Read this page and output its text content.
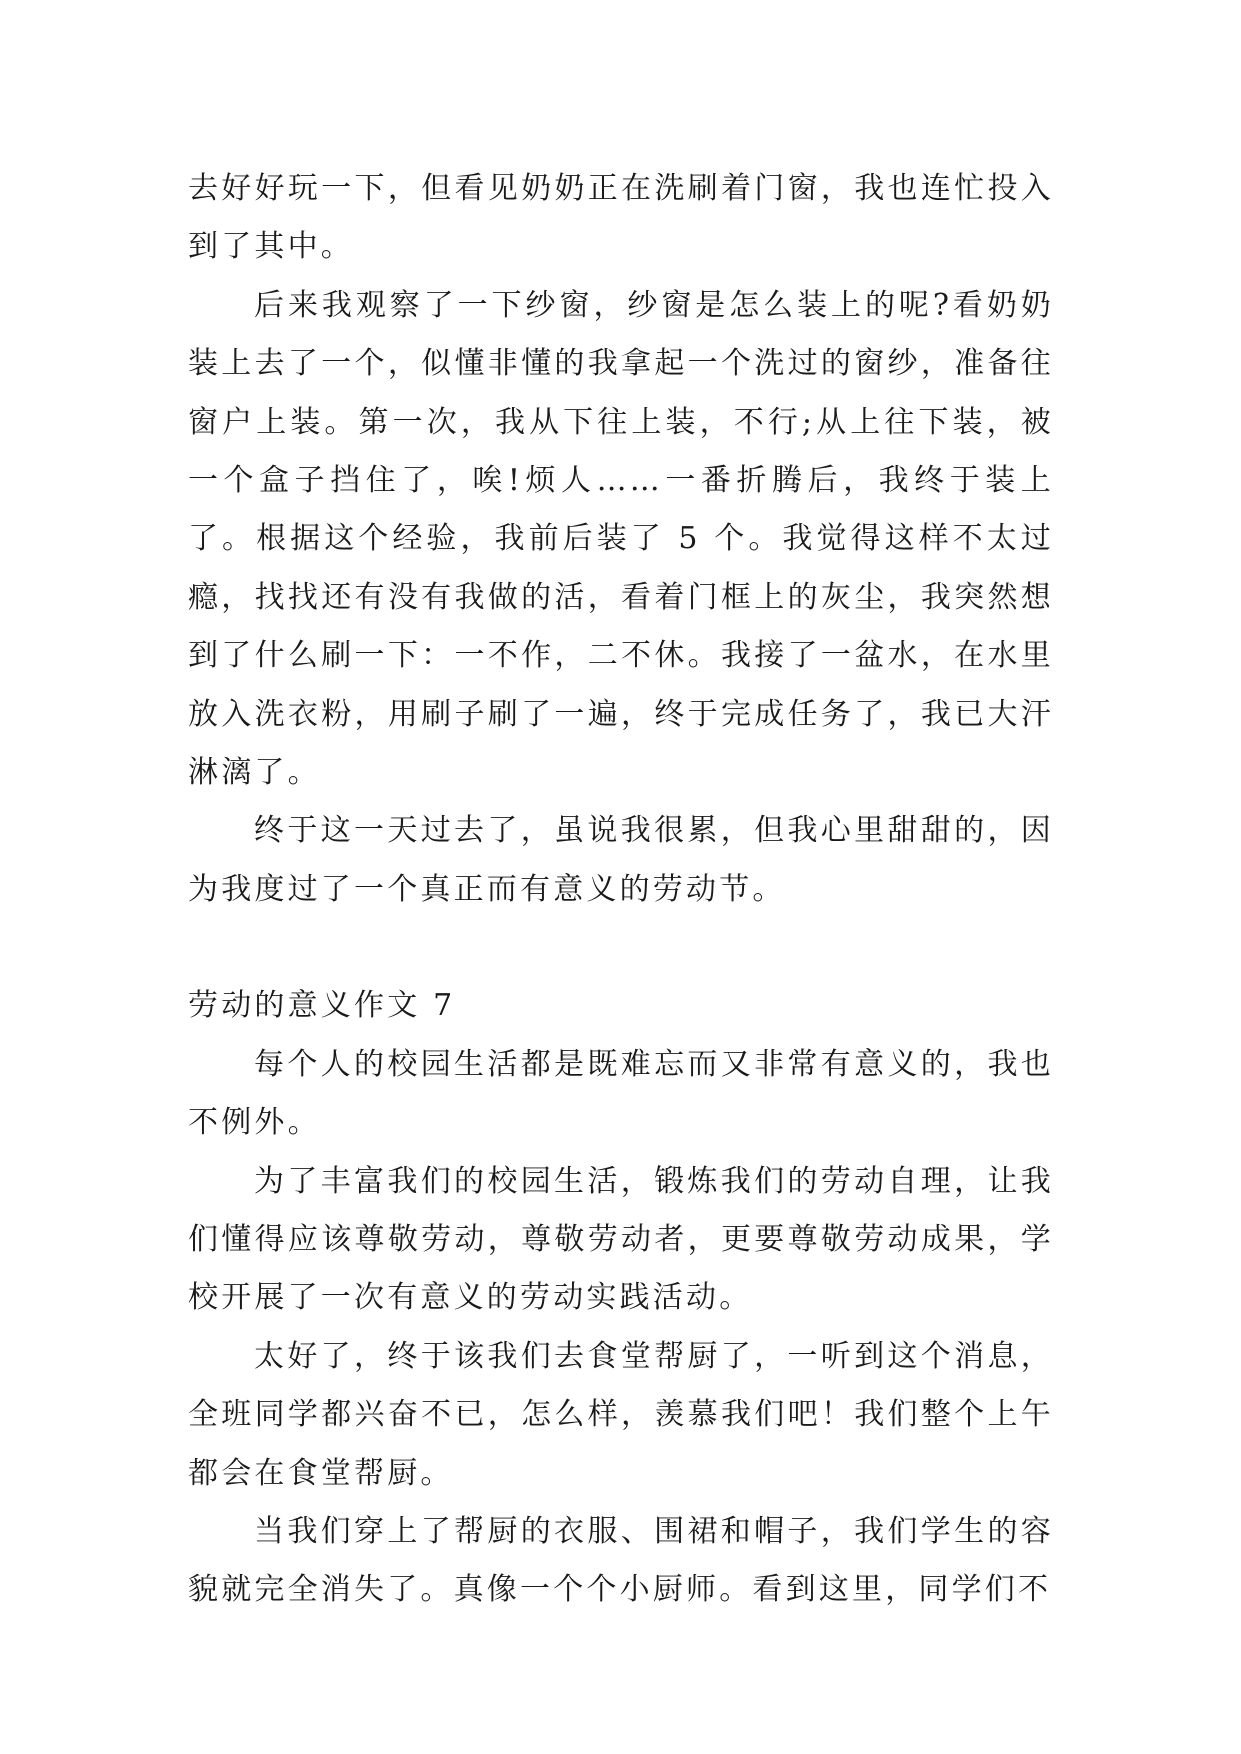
去好好玩一下，但看见奶奶正在洗刷着门窗，我也连忙投入到了其中。

后来我观察了一下纱窗，纱窗是怎么装上的呢?看奶奶装上去了一个，似懂非懂的我拿起一个洗过的窗纱，准备往窗户上装。第一次，我从下往上装，不行;从上往下装，被一个盒子挡住了，唉!烦人……一番折腾后，我终于装上了。根据这个经验，我前后装了 5 个。我觉得这样不太过瘾，找找还有没有我做的活，看着门框上的灰尘，我突然想到了什么刷一下：一不作，二不休。我接了一盆水，在水里放入洗衣粉，用刷子刷了一遍，终于完成任务了，我已大汗淋漓了。

终于这一天过去了，虽说我很累，但我心里甜甜的，因为我度过了一个真正而有意义的劳动节。

劳动的意义作文 7

每个人的校园生活都是既难忘而又非常有意义的，我也不例外。

为了丰富我们的校园生活，锻炼我们的劳动自理，让我们懂得应该尊敬劳动，尊敬劳动者，更要尊敬劳动成果，学校开展了一次有意义的劳动实践活动。

太好了，终于该我们去食堂帮厨了，一听到这个消息，全班同学都兴奋不已，怎么样，羡慕我们吧！我们整个上午都会在食堂帮厨。

当我们穿上了帮厨的衣服、围裙和帽子，我们学生的容貌就完全消失了。真像一个个小厨师。看到这里，同学们不
